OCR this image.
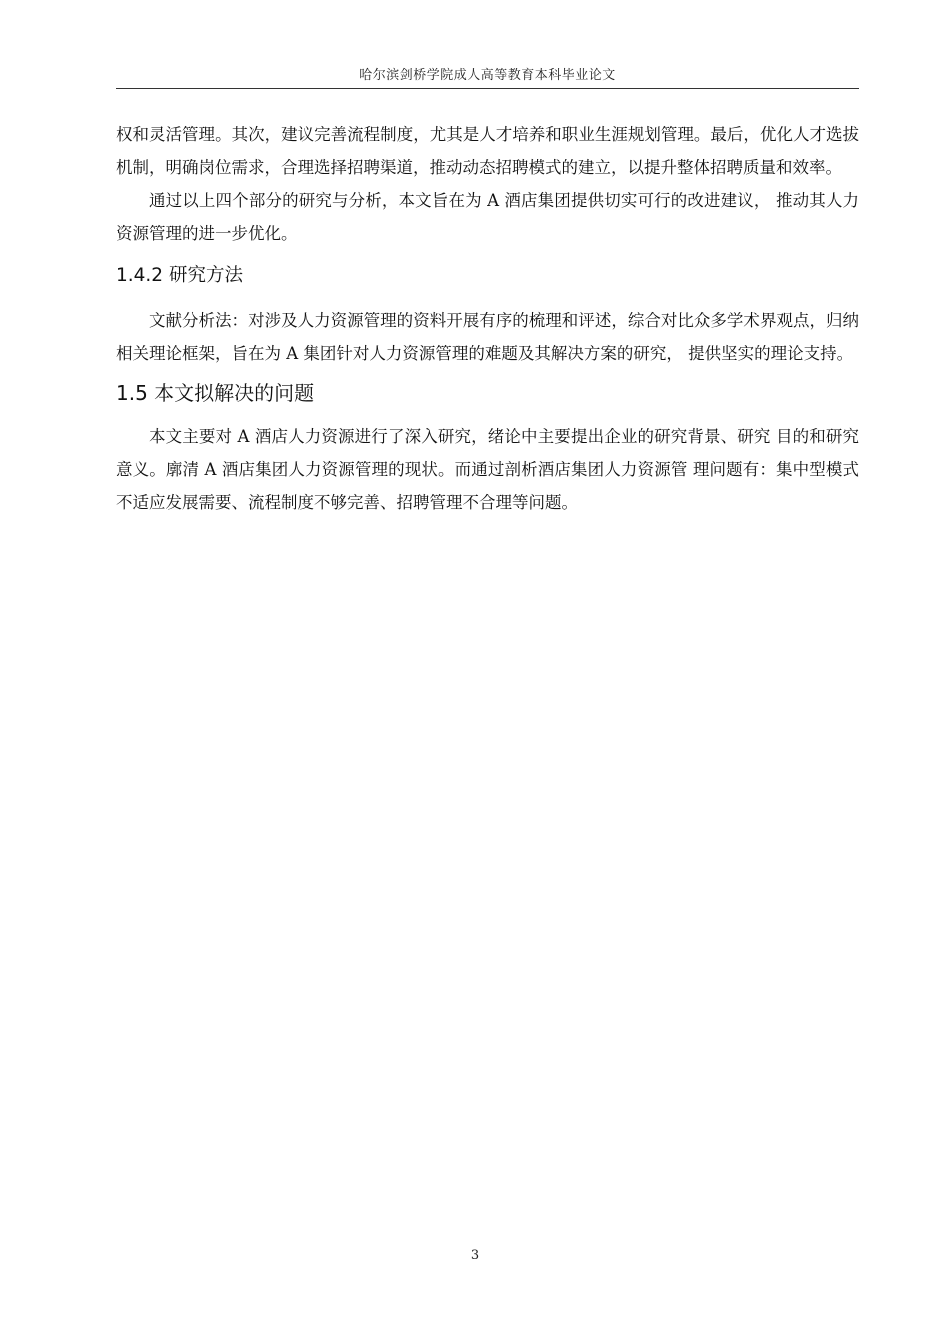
哈尔滨剑桥学院成人高等教育本科毕业论文

权和灵活管理。其次，建议完善流程制度，尤其是人才培养和职业生涯规划管理。最后，优化人才选拔机制，明确岗位需求，合理选择招聘渠道，推动动态招聘模式的建立，以提升整体招聘质量和效率。

通过以上四个部分的研究与分析，本文旨在为 A 酒店集团提供切实可行的改进建议， 推动其人力资源管理的进一步优化。

1.4.2 研究方法

文献分析法：对涉及人力资源管理的资料开展有序的梳理和评述，综合对比众多学术界观点，归纳相关理论框架，旨在为 A 集团针对人力资源管理的难题及其解决方案的研究， 提供坚实的理论支持。

1.5 本文拟解决的问题

本文主要对 A 酒店人力资源进行了深入研究，绪论中主要提出企业的研究背景、研究 目的和研究意义。廓清 A 酒店集团人力资源管理的现状。而通过剖析酒店集团人力资源管 理问题有：集中型模式不适应发展需要、流程制度不够完善、招聘管理不合理等问题。

3
